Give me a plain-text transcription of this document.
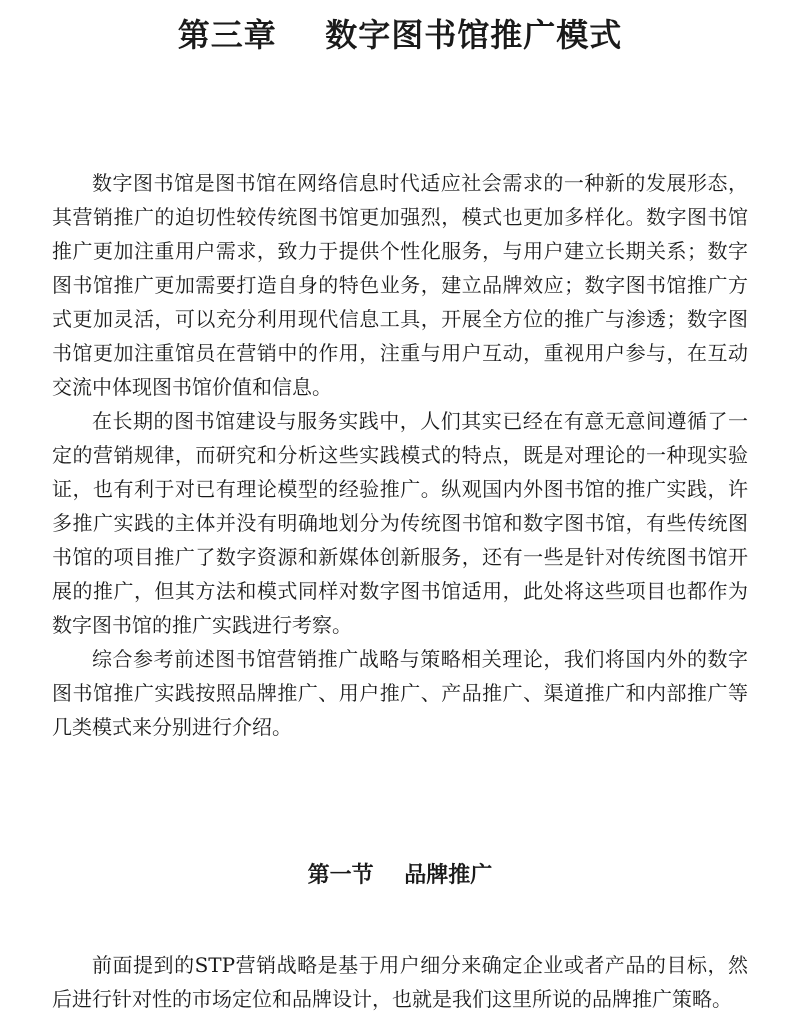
第三章    数字图书馆推广模式

数字图书馆是图书馆在网络信息时代适应社会需求的一种新的发展形态，其营销推广的迫切性较传统图书馆更加强烈，模式也更加多样化。数字图书馆推广更加注重用户需求，致力于提供个性化服务，与用户建立长期关系；数字图书馆推广更加需要打造自身的特色业务，建立品牌效应；数字图书馆推广方式更加灵活，可以充分利用现代信息工具，开展全方位的推广与渗透；数字图书馆更加注重馆员在营销中的作用，注重与用户互动，重视用户参与，在互动交流中体现图书馆价值和信息。

在长期的图书馆建设与服务实践中，人们其实已经在有意无意间遵循了一定的营销规律，而研究和分析这些实践模式的特点，既是对理论的一种现实验证，也有利于对已有理论模型的经验推广。纵观国内外图书馆的推广实践，许多推广实践的主体并没有明确地划分为传统图书馆和数字图书馆，有些传统图书馆的项目推广了数字资源和新媒体创新服务，还有一些是针对传统图书馆开展的推广，但其方法和模式同样对数字图书馆适用，此处将这些项目也都作为数字图书馆的推广实践进行考察。

综合参考前述图书馆营销推广战略与策略相关理论，我们将国内外的数字图书馆推广实践按照品牌推广、用户推广、产品推广、渠道推广和内部推广等几类模式来分别进行介绍。

第一节    品牌推广

前面提到的STP营销战略是基于用户细分来确定企业或者产品的目标，然后进行针对性的市场定位和品牌设计，也就是我们这里所说的品牌推广策略。
